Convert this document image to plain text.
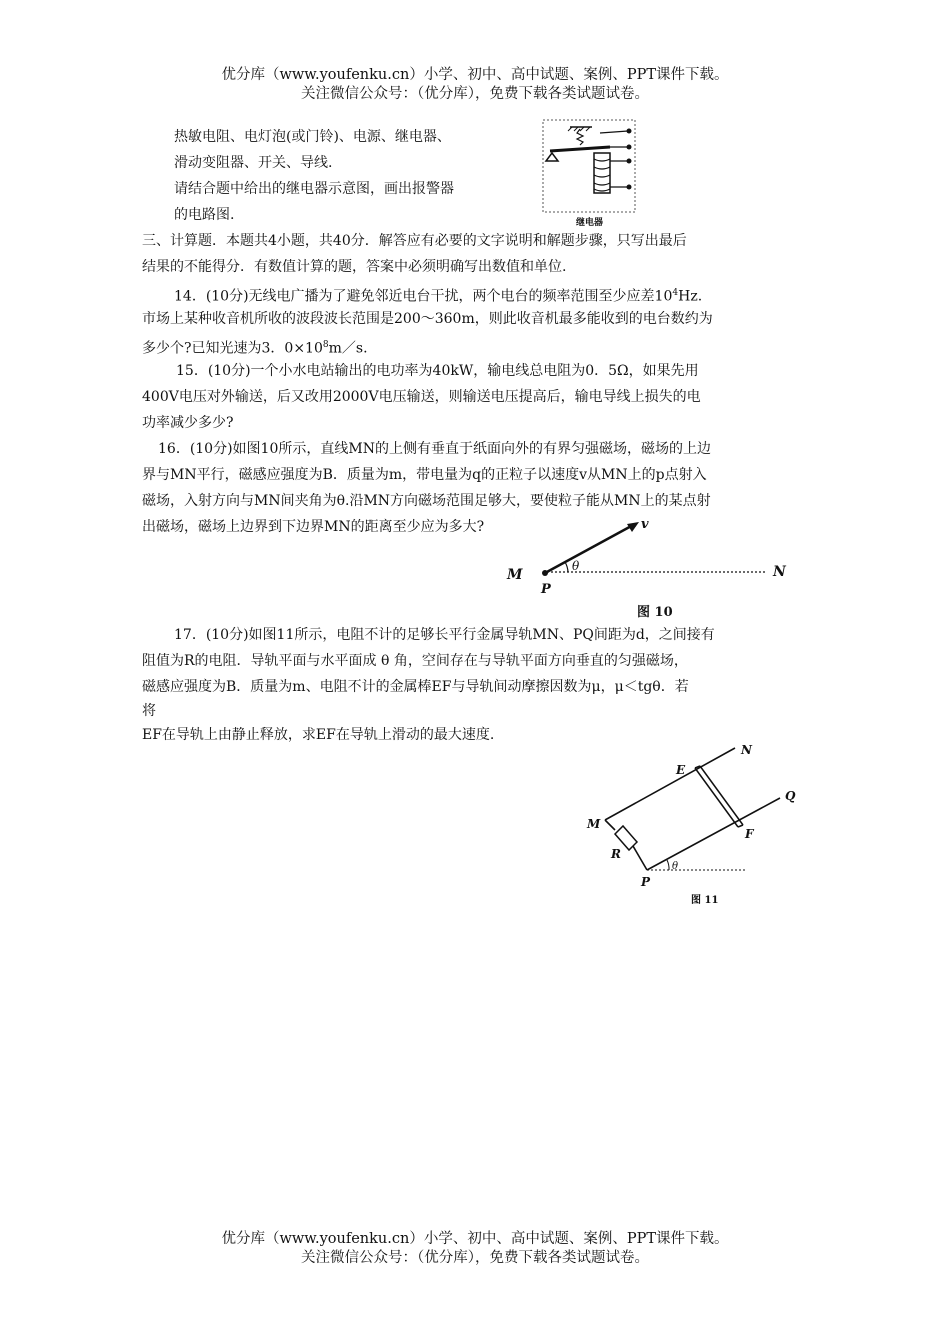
优分库（www.youfenku.cn）小学、初中、高中试题、案例、PPT课件下载。
关注微信公众号：（优分库），免费下载各类试题试卷。
热敏电阻、电灯泡(或门铃)、电源、继电器、
滑动变阻器、开关、导线.
请结合题中给出的继电器示意图，画出报警器
的电路图.	继电器
三、计算题．本题共4小题，共40分．解答应有必要的文字说明和解题步骤，只写出最后
结果的不能得分．有数值计算的题，答案中必须明确写出数值和单位.
14．(10分)无线电广播为了避免邻近电台干扰，两个电台的频率范围至少应差$10^4Hz$.
市场上某种收音机所收的波段波长范围是200～360m，则此收音机最多能收到的电台数约为
多少个?已知光速为3．$0\times 10^8m/s$.
15．(10分)一个小水电站输出的电功率为40kW，输电线总电阻为0．5Ω，如果先用
400V电压对外输送，后又改用2000V电压输送，则输送电压提高后，输电导线上损失的电
功率减少多少?
16．(10分)如图10所示，直线MN的上侧有垂直于纸面向外的有界匀强磁场，磁场的上边
界与MN平行，磁感应强度为B．质量为m，带电量为q的正粒子以速度v从MN上的p点射入
磁场，入射方向与MN间夹角为θ.沿MN方向磁场范围足够大，要使粒子能从MN上的某点射
出磁场，磁场上边界到下边界MN的距离至少应为多大?	v
θ
M	N
P
图 10
17．(10分)如图11所示，电阻不计的足够长平行金属导轨MN、PQ间距为d，之间接有
阻值为R的电阻．导轨平面与水平面成 θ 角，空间存在与导轨平面方向垂直的匀强磁场，
磁感应强度为B．质量为m、电阻不计的金属棒EF与导轨间动摩擦因数为μ，μ＜tgθ．若
将
EF在导轨上由静止释放，求EF在导轨上滑动的最大速度.
E
N
Q
M
F
R
P
θ
图 11
优分库（www.youfenku.cn）小学、初中、高中试题、案例、PPT课件下载。
关注微信公众号：（优分库），免费下载各类试题试卷。
